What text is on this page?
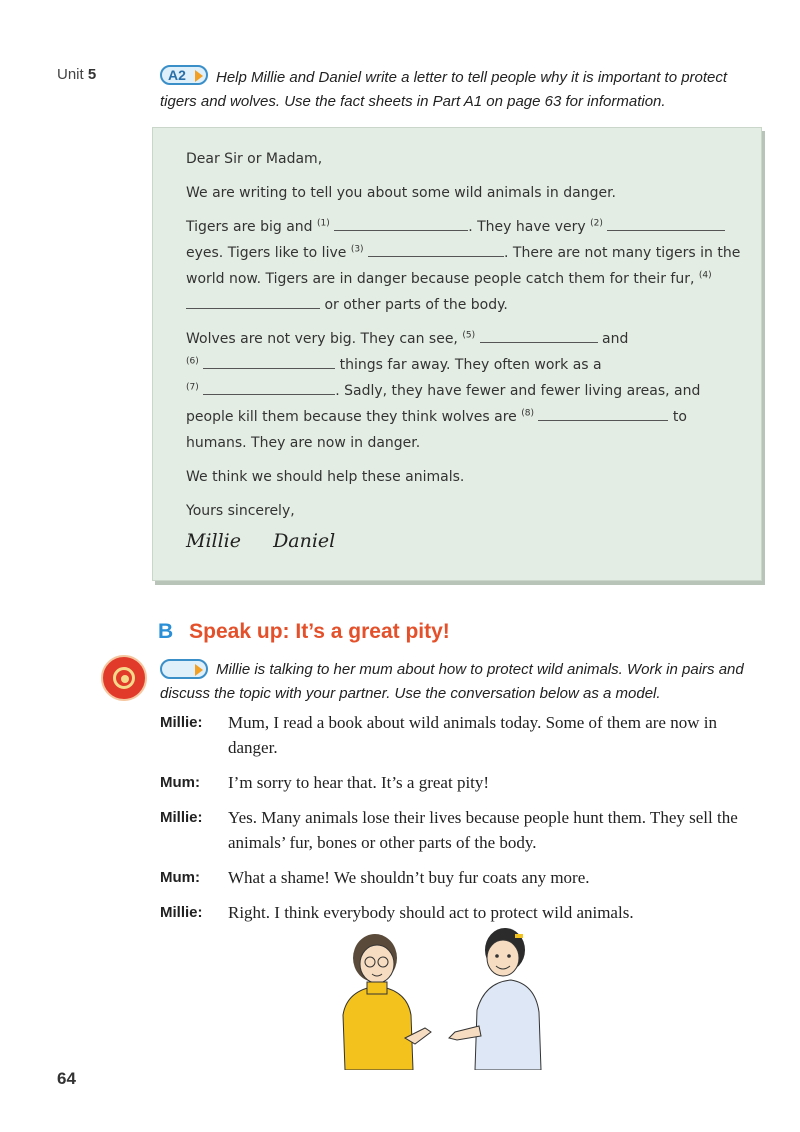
Unit 5	A2	Help Millie and Daniel write a letter to tell people why it is important to protect tigers and wolves. Use the fact sheets in Part A1 on page 63 for information.

Dear Sir or Madam,

We are writing to tell you about some wild animals in danger.

Tigers are big and $^{(1)}$	. They have very $^{(2)}$  eyes. Tigers like to live $^{(3)}$	. There are not many tigers in the world now. Tigers are in danger because people catch them for their fur, $^{(4)}$  or other parts of the body.

Wolves are not very big. They can see, $^{(5)}$	and
$^{(6)}$	things far away. They often work as a
$^{(7)}$	. Sadly, they have fewer and fewer living areas, and people kill them because they think wolves are $^{(8)}$	to humans. They are now in danger.

We think we should help these animals.

Yours sincerely,

Millie Daniel
B Speak up: It’s a great pity!
Millie is talking to her mum about how to protect wild animals. Work in pairs and discuss the topic with your partner. Use the conversation below as a model.
Millie:	Mum, I read a book about wild animals today. Some of them are now in danger.
Mum:	I’m sorry to hear that. It’s a great pity!
Millie:	Yes. Many animals lose their lives because people hunt them. They sell the animals’ fur, bones or other parts of the body.
Mum:	What a shame! We shouldn’t buy fur coats any more.
Millie:	Right. I think everybody should act to protect wild animals.
64
